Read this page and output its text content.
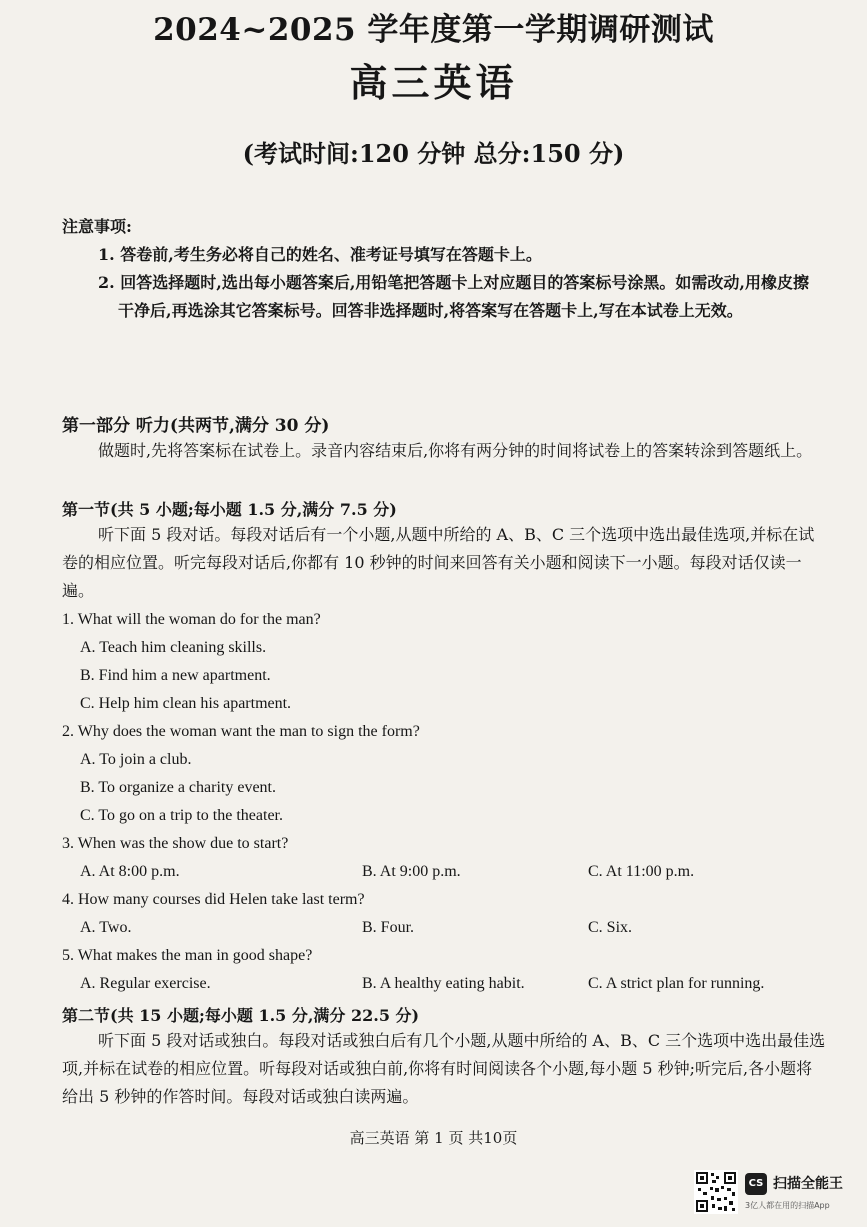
2024~2025 学年度第一学期调研测试
高三英语
(考试时间:120 分钟 总分:150 分)
注意事项:
1. 答卷前,考生务必将自己的姓名、准考证号填写在答题卡上。
2. 回答选择题时,选出每小题答案后,用铅笔把答题卡上对应题目的答案标号涂黑。如需改动,用橡皮擦干净后,再选涂其它答案标号。回答非选择题时,将答案写在答题卡上,写在本试卷上无效。
第一部分 听力(共两节,满分 30 分)

做题时,先将答案标在试卷上。录音内容结束后,你将有两分钟的时间将试卷上的答案转涂到答题纸上。

第一节(共 5 小题;每小题 1.5 分,满分 7.5 分)

听下面 5 段对话。每段对话后有一个小题,从题中所给的 A、B、C 三个选项中选出最佳选项,并标在试卷的相应位置。听完每段对话后,你都有 10 秒钟的时间来回答有关小题和阅读下一小题。每段对话仅读一遍。

1. What will the woman do for the man?
A. Teach him cleaning skills.
B. Find him a new apartment.
C. Help him clean his apartment.
2. Why does the woman want the man to sign the form?
A. To join a club.
B. To organize a charity event.
C. To go on a trip to the theater.
3. When was the show due to start?
A. At 8:00 p.m.	B. At 9:00 p.m.	C. At 11:00 p.m.
4. How many courses did Helen take last term?
A. Two.	B. Four.	C. Six.
5. What makes the man in good shape?
A. Regular exercise.	B. A healthy eating habit.	C. A strict plan for running.
第二节(共 15 小题;每小题 1.5 分,满分 22.5 分)

听下面 5 段对话或独白。每段对话或独白后有几个小题,从题中所给的 A、B、C 三个选项中选出最佳选项,并标在试卷的相应位置。听每段对话或独白前,你将有时间阅读各个小题,每小题 5 秒钟;听完后,各小题将给出 5 秒钟的作答时间。每段对话或独白读两遍。

高三英语 第 1 页 共10页
CS 扫描全能王
3亿人都在用的扫描App
